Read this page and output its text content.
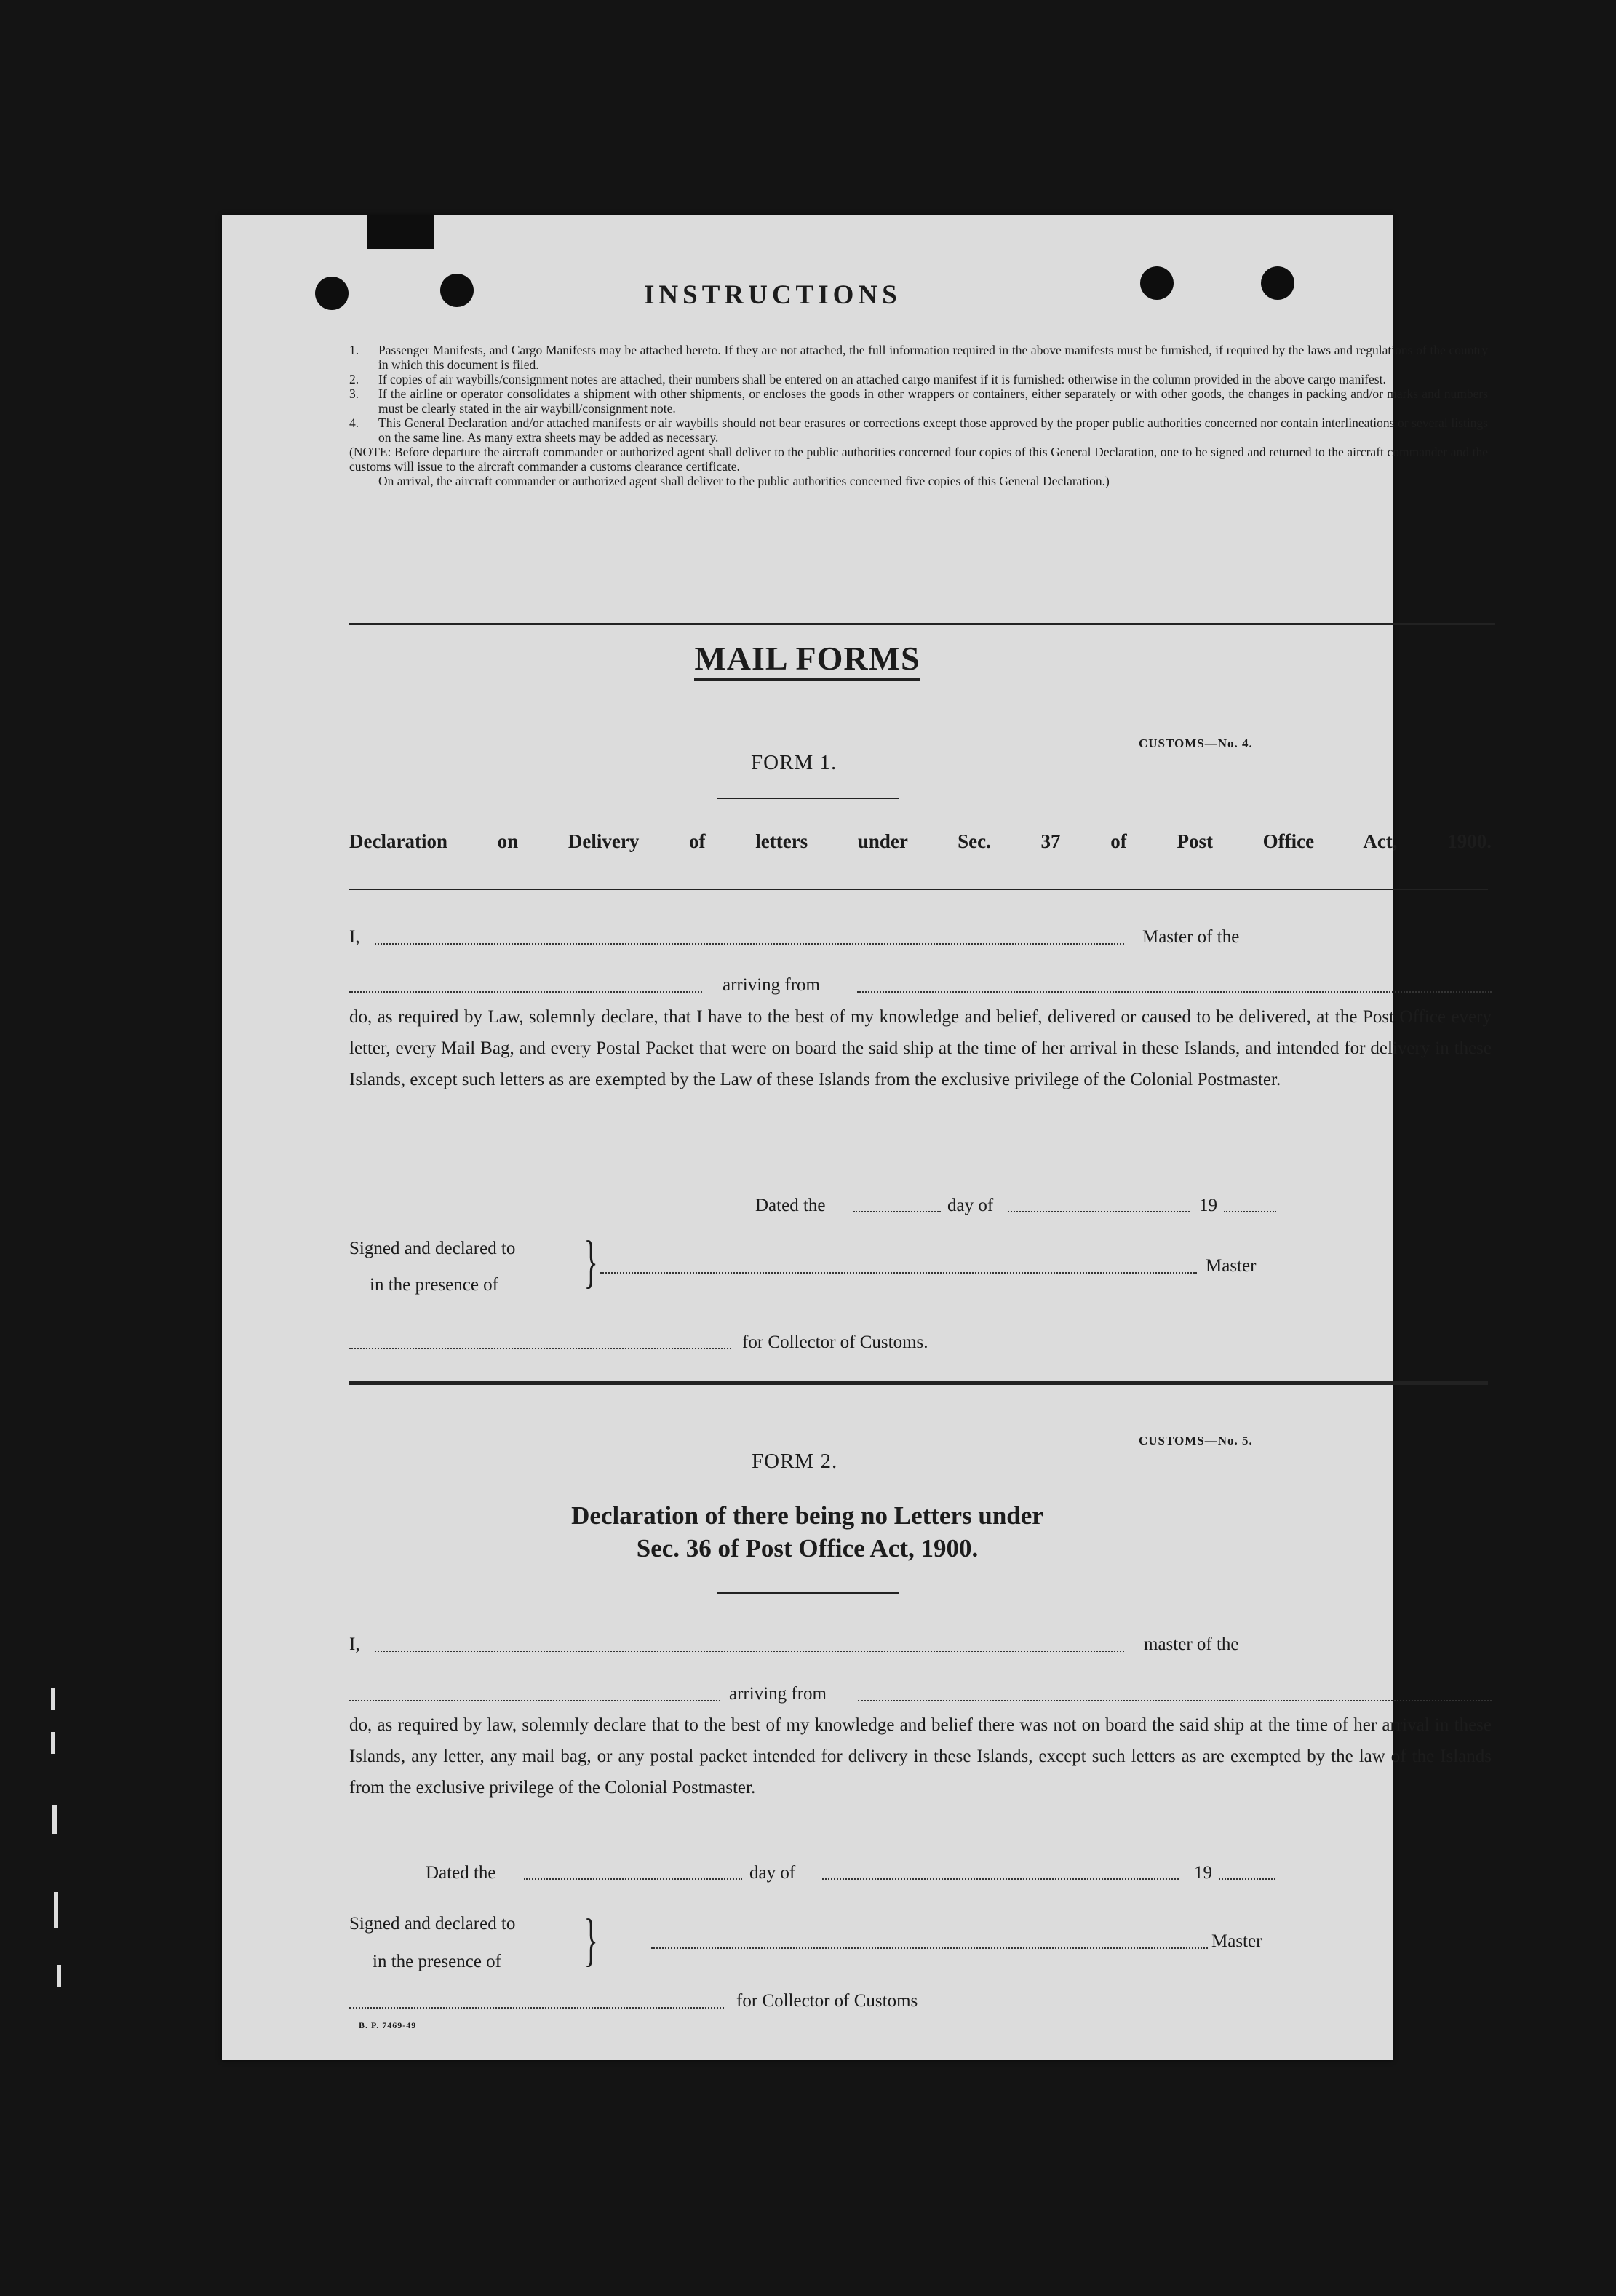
INSTRUCTIONS

1. Passenger Manifests, and Cargo Manifests may be attached hereto. If they are not attached, the full information required in the above manifests must be furnished, if required by the laws and regulations of the country in which this document is filed.

2. If copies of air waybills/consignment notes are attached, their numbers shall be entered on an attached cargo manifest if it is furnished: otherwise in the column provided in the above cargo manifest.

3. If the airline or operator consolidates a shipment with other shipments, or encloses the goods in other wrappers or containers, either separately or with other goods, the changes in packing and/or marks and numbers must be clearly stated in the air waybill/consignment note.

4. This General Declaration and/or attached manifests or air waybills should not bear erasures or corrections except those approved by the proper public authorities concerned nor contain interlineations or several listings on the same line. As many extra sheets may be added as necessary.

(NOTE: Before departure the aircraft commander or authorized agent shall deliver to the public authorities concerned four copies of this General Declaration, one to be signed and returned to the aircraft commander and the customs will issue to the aircraft commander a customs clearance certificate.

On arrival, the aircraft commander or authorized agent shall deliver to the public authorities concerned five copies of this General Declaration.)

MAIL FORMS
CUSTOMS—No. 4.
FORM 1.
Declaration on Delivery of letters under Sec. 37 of Post Office Act, 1900.
I,	Master of the
arriving from
do, as required by Law, solemnly declare, that I have to the best of my knowledge and belief, delivered or caused to be delivered, at the Post Office every letter, every Mail Bag, and every Postal Packet that were on board the said ship at the time of her arrival in these Islands, and intended for delivery in these Islands, except such letters as are exempted by the Law of these Islands from the exclusive privilege of the Colonial Postmaster.
Dated the	day of	19
Signed and declared to
in the presence of }	Master
for Collector of Customs.
CUSTOMS—No. 5.
FORM 2.
Declaration of there being no Letters under
Sec. 36 of Post Office Act, 1900.
I,	master of the
arriving from
do, as required by law, solemnly declare that to the best of my knowledge and belief there was not on board the said ship at the time of her arrival in these Islands, any letter, any mail bag, or any postal packet intended for delivery in these Islands, except such letters as are exempted by the law of the Islands from the exclusive privilege of the Colonial Postmaster.
Dated the	day of	19
Signed and declared to
in the presence of }	Master
for Collector of Customs
B. P. 7469-49
